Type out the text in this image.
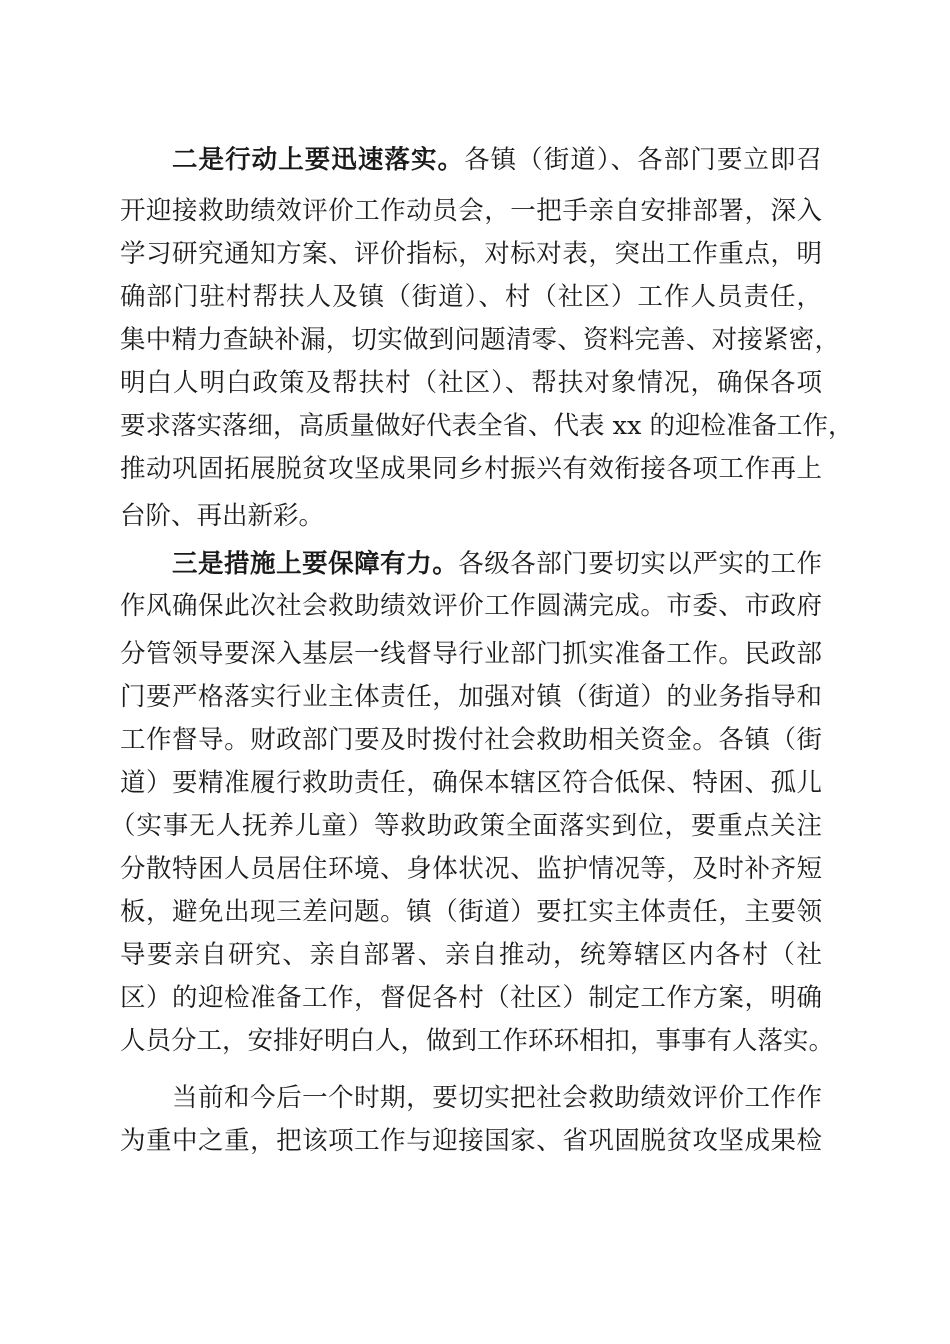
二是行动上要迅速落实。各镇（街道）、各部门要立即召
开迎接救助绩效评价工作动员会，一把手亲自安排部署，深入
学习研究通知方案、评价指标，对标对表，突出工作重点，明
确部门驻村帮扶人及镇（街道）、村（社区）工作人员责任，
集中精力查缺补漏，切实做到问题清零、资料完善、对接紧密，
明白人明白政策及帮扶村（社区）、帮扶对象情况，确保各项
要求落实落细，高质量做好代表全省、代表 xx 的迎检准备工作，
推动巩固拓展脱贫攻坚成果同乡村振兴有效衔接各项工作再上
台阶、再出新彩。
三是措施上要保障有力。各级各部门要切实以严实的工作
作风确保此次社会救助绩效评价工作圆满完成。市委、市政府
分管领导要深入基层一线督导行业部门抓实准备工作。民政部
门要严格落实行业主体责任，加强对镇（街道）的业务指导和
工作督导。财政部门要及时拨付社会救助相关资金。各镇（街
道）要精准履行救助责任，确保本辖区符合低保、特困、孤儿
（实事无人抚养儿童）等救助政策全面落实到位，要重点关注
分散特困人员居住环境、身体状况、监护情况等，及时补齐短
板，避免出现三差问题。镇（街道）要扛实主体责任，主要领
导要亲自研究、亲自部署、亲自推动，统筹辖区内各村（社
区）的迎检准备工作，督促各村（社区）制定工作方案，明确
人员分工，安排好明白人，做到工作环环相扣，事事有人落实。
当前和今后一个时期，要切实把社会救助绩效评价工作作
为重中之重，把该项工作与迎接国家、省巩固脱贫攻坚成果检
